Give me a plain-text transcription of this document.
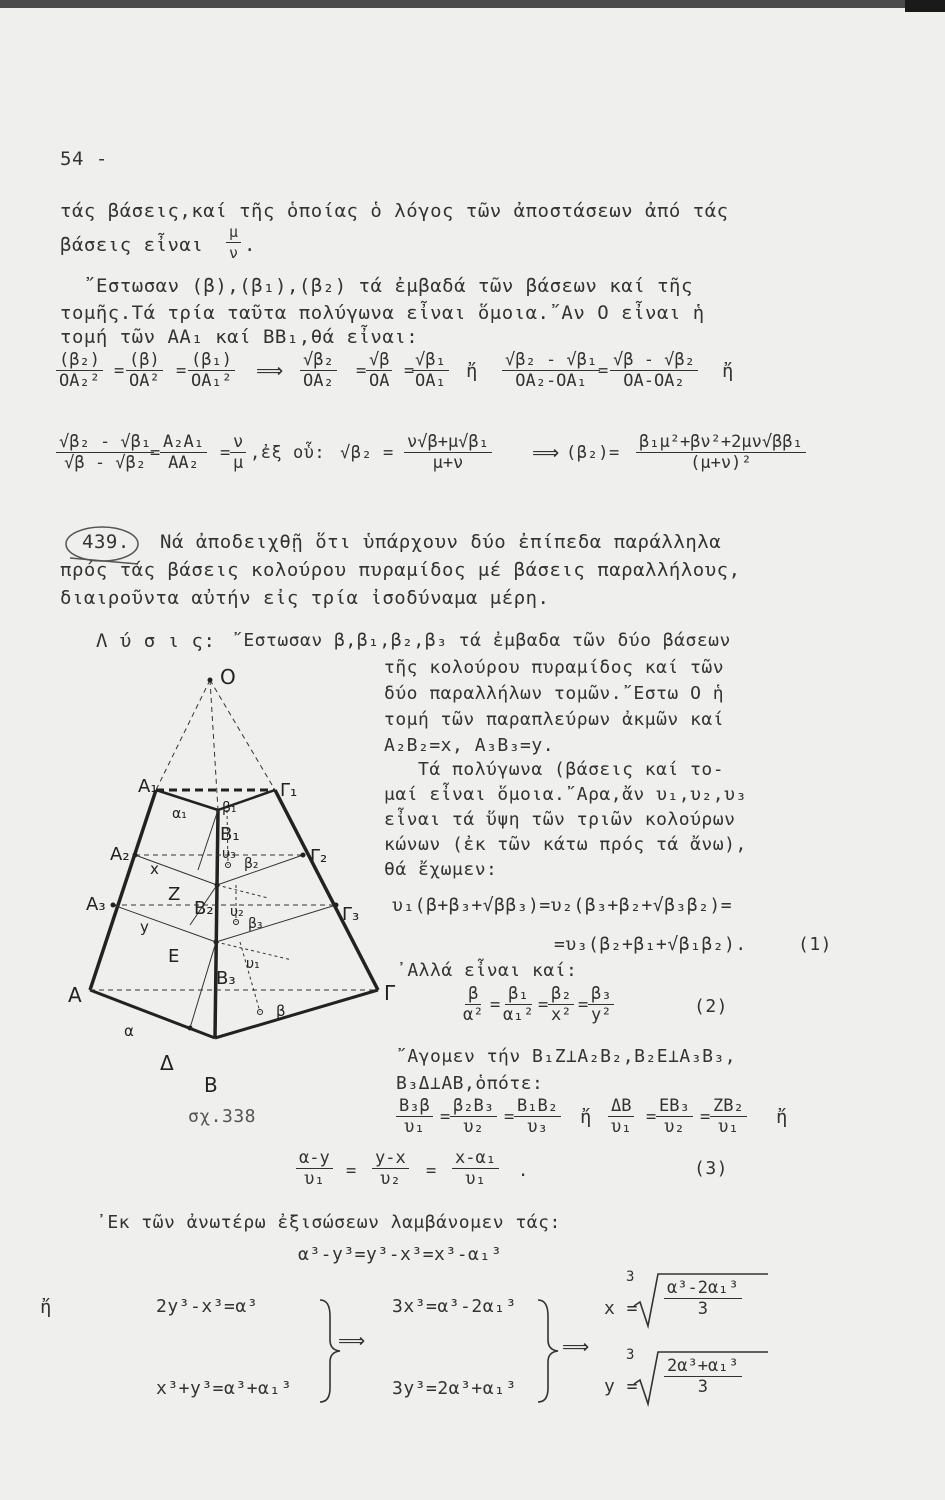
54 -
τάς βάσεις,καί τῆς ὁποίας ὁ λόγος τῶν ἀποστάσεων ἀπό τάς
βάσεις εἶναι $\frac{\mu}{\nu}$ .
῎Εστωσαν (β),(β₁),(β₂) τά ἐμβαδά τῶν βάσεων καί τῆς
τομῆς.Τά τρία ταῦτα πολύγωνα εἶναι ὅμοια.῎Αν Ο εἶναι ἡ
τομή τῶν ΑΑ₁ καί ΒΒ₁,θά εἶναι:
$\frac{\text{(β₂)}}{\text{ΟΑ₂²}} = \frac{(\beta)}{\text{ΟΑ²}} = \frac{\text{(β₁)}}{\text{ΟΑ₁²}}$ ⟹ $\frac{\text{√β₂}}{\text{ΟΑ₂}} = \frac{√\beta}{OA}$ =
$\frac{\text{√β₁}}{\text{ΟΑ₁}}$ ἤ $\frac{\text{√β₂ - √β₁}}{\text{ΟΑ₂-ΟΑ₁}}$
= $\frac{\text{√β - √β₂}}{\text{ΟΑ-ΟΑ₂}}$ ἤ
$\frac{\text{√β₂ - √β₁}}{\text{√β - √β₂}}$
= $\frac{\text{Α₂Α₁}}{\text{ΑΑ₂}} = \frac{\nu}{\mu}$ ,ἐξ οὗ: $√\beta_2 = \frac{\text{ν√β+μ√β₁}}{\mu+\nu}$ ⟹ $(\beta_2)= \frac{\text{β₁μ²+βν²+2μν√ββ₁}}{\text{(μ+ν)²}}$
439. Νά ἀποδειχθῇ ὅτι ὑπάρχουν δύο ἐπίπεδα παράλληλα
πρός τάς βάσεις κολούρου πυραμίδος μέ βάσεις παραλλήλους,
διαιροῦντα αὐτήν εἰς τρία ἰσοδύναμα μέρη.
Λ ύ σ ι ς: ῎Εστωσαν β,β₁,β₂,β₃ τά ἐμβαδα τῶν δύο βάσεων
τῆς κολούρου πυραμίδος καί τῶν
δύο παραλλήλων τομῶν.῎Εστω Ο ἡ
τομή τῶν παραπλεύρων ἀκμῶν καί
Α₂Β₂=x, Α₃Β₃=y.
Τά πολύγωνα (βάσεις καί το-
μαί εἶναι ὅμοια.῎Αρα,ἄν υ₁,υ₂,υ₃
εἶναι τά ὕψη τῶν τριῶν κολούρων
κώνων (ἐκ τῶν κάτω πρός τά ἄνω),
θά ἔχωμεν:
υ₁(β+β₃+√ββ₃)=υ₂(β₃+β₂+√β₃β₂)=
=υ₃(β₂+β₁+√β₁β₂).	(1)
᾽Αλλά εἶναι καί:
$\frac{\beta}{\text{α²}} = \frac{\text{β₁}}{\text{α₁²}} = \frac{\text{β₂}}{\text{x²}} = \frac{\text{β₃}}{\text{y²}}$	(2)
῎Αγομεν τήν Β₁Ζ⊥Α₂Β₂,Β₂Ε⊥Α₃Β₃,
Β₃Δ⊥ΑΒ,ὁπότε:
$\frac{\text{Β₃β}}{\text{υ₁}} = \frac{\text{β₂Β₃}}{\text{υ₂}} = \frac{\text{Β₁Β₂}}{\text{υ₃}}$ ἤ $\frac{\Delta B}{\text{υ₁}} = \frac{\text{ΕΒ₃}}{\text{υ₂}} = \frac{\text{ΖΒ₂}}{\text{υ₁}}$ ἤ
$\frac{\alpha-y}{\text{υ₁}} = \frac{y-x}{\text{υ₂}} = \frac{\text{x-α₁}}{\text{υ₁}}$ .	(3)
᾽Εκ τῶν ἀνωτέρω ἐξισώσεων λαμβάνομεν τάς:
α³-y³=y³-x³=x³-α₁³
ἤ	2y³-x³=α³
x³+y³=α³+α₁³
⟹
3x³=α³-2α₁³
3y³=2α³+α₁³
⟹
x =
3
$\frac{\text{α³-2α₁³}}{3}$
y =
3
$\frac{\text{2α³+α₁³}}{3}$
O
A₁	Γ₁
α₁	β₁
B₁
A₂	υ₃
β₂	Γ₂
x
Z
B₂
A₃	υ₂
β₃	Γ₃
y
E
B₃
υ₁
A	Γ
β
α
Δ
B
σχ.338
